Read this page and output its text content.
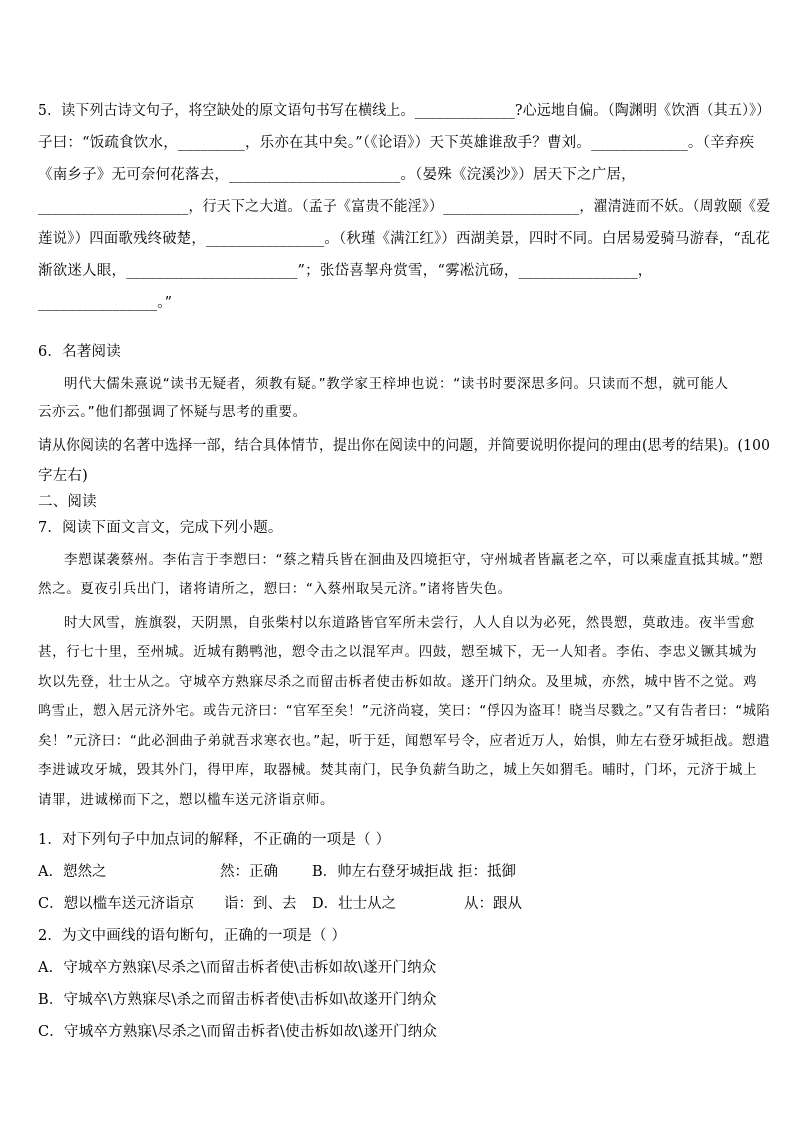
5．读下列古诗文句子，将空缺处的原文语句书写在横线上。______________?心远地自偏。（陶渊明《饮酒（其五）》）
子曰：“饭疏食饮水，_________，乐亦在其中矣。”（《论语》）天下英雄谁敌手？曹刘。_____________。（辛弃疾
《南乡子》无可奈何花落去，_______________________。（晏殊《浣溪沙》）居天下之广居，
_____________________，行天下之大道。（孟子《富贵不能淫》）___________________，濯清涟而不妖。（周敦颐《爱
莲说》）四面歌残终破楚，________________。（秋瑾《满江红》）西湖美景，四时不同。白居易爱骑马游春，“乱花
渐欲迷人眼，_______________________”；张岱喜挈舟赏雪，“雾凇沆砀，________________，
________________。”
6．名著阅读
明代大儒朱熹说“读书无疑者，须教有疑。”教学家王梓坤也说：“读书时要深思多问。只读而不想，就可能人
云亦云。”他们都强调了怀疑与思考的重要。
请从你阅读的名著中选择一部，结合具体情节，提出你在阅读中的问题，并简要说明你提问的理由(思考的结果)。(100
字左右)
二、阅读
7．阅读下面文言文，完成下列小题。
李愬谋袭蔡州。李佑言于李愬曰：“蔡之精兵皆在洄曲及四境拒守，守州城者皆羸老之卒，可以乘虚直抵其城。”愬
然之。夏夜引兵出门，诸将请所之，愬曰：“入蔡州取吴元济。”诸将皆失色。
时大风雪，旌旗裂，天阴黑，自张柴村以东道路皆官军所未尝行，人人自以为必死，然畏愬，莫敢违。夜半雪愈
甚，行七十里，至州城。近城有鹅鸭池，愬令击之以混军声。四鼓，愬至城下，无一人知者。李佑、李忠义镢其城为
坎以先登，壮士从之。守城卒方熟寐尽杀之而留击柝者使击柝如故。遂开门纳众。及里城，亦然，城中皆不之觉。鸡
鸣雪止，愬入居元济外宅。或告元济曰：“官军至矣！”元济尚寝，笑曰：“俘囚为盗耳！晓当尽戮之。”又有告者曰：“城陷
矣！”元济曰：“此必洄曲子弟就吾求寒衣也。”起，听于廷，闻愬军号令，应者近万人，始惧，帅左右登牙城拒战。愬遣
李进诚攻牙城，毁其外门，得甲库，取器械。焚其南门，民争负薪刍助之，城上矢如猬毛。晡时，门坏，元济于城上
请罪，进诚梯而下之，愬以槛车送元济诣京师。
1．对下列句子中加点词的解释，不正确的一项是（ ）
A．愬然之	然：正确 B．帅左右登牙城拒战 拒：抵御
C．愬以槛车送元济诣京 诣：到、去 D．壮士从之	从：跟从
2．为文中画线的语句断句，正确的一项是（ ）
A．守城卒方熟寐\尽杀之\而留击柝者使\击柝如故\遂开门纳众
B．守城卒\方熟寐尽\杀之而留击柝者使\击柝如\故遂开门纳众
C．守城卒方熟寐\尽杀之\而留击柝者\使击柝如故\遂开门纳众
